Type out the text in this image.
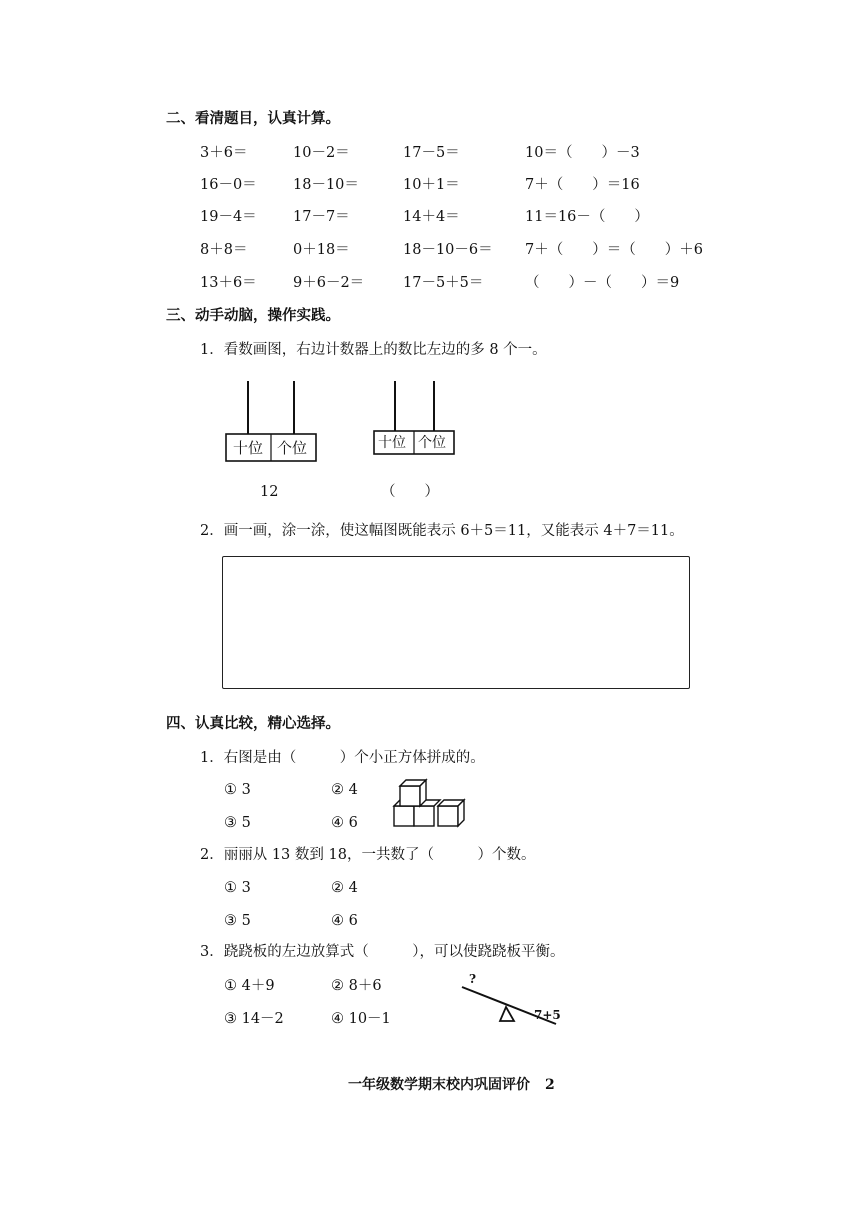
二、看清题目，认真计算。
3＋6＝	10－2＝	17－5＝	10＝（　　）－3
16－0＝	18－10＝	10＋1＝	7＋（　　）＝16
19－4＝	17－7＝	14＋4＝	11＝16－（　　）
8＋8＝	0＋18＝	18－10－6＝ 7＋（　　）＝（　　）＋6
13＋6＝	9＋6－2＝	17－5＋5＝	（　　）－（　　）＝9
三、动手动脑，操作实践。
1．看数画图，右边计数器上的数比左边的多 8 个一。
十位 个位	十位 个位
12	（　　）
2．画一画，涂一涂，使这幅图既能表示 6＋5＝11，又能表示 4＋7＝11。
四、认真比较，精心选择。
1．右图是由（　　　）个小正方体拼成的。
① 3	② 4
③ 5	④ 6
2．丽丽从 13 数到 18，一共数了（　　　）个数。
① 3	② 4
③ 5	④ 6
3．跷跷板的左边放算式（　　　），可以使跷跷板平衡。
① 4＋9	② 8＋6
③ 14－2	④ 10－1
?
7+5
一年级数学期末校内巩固评价 2
